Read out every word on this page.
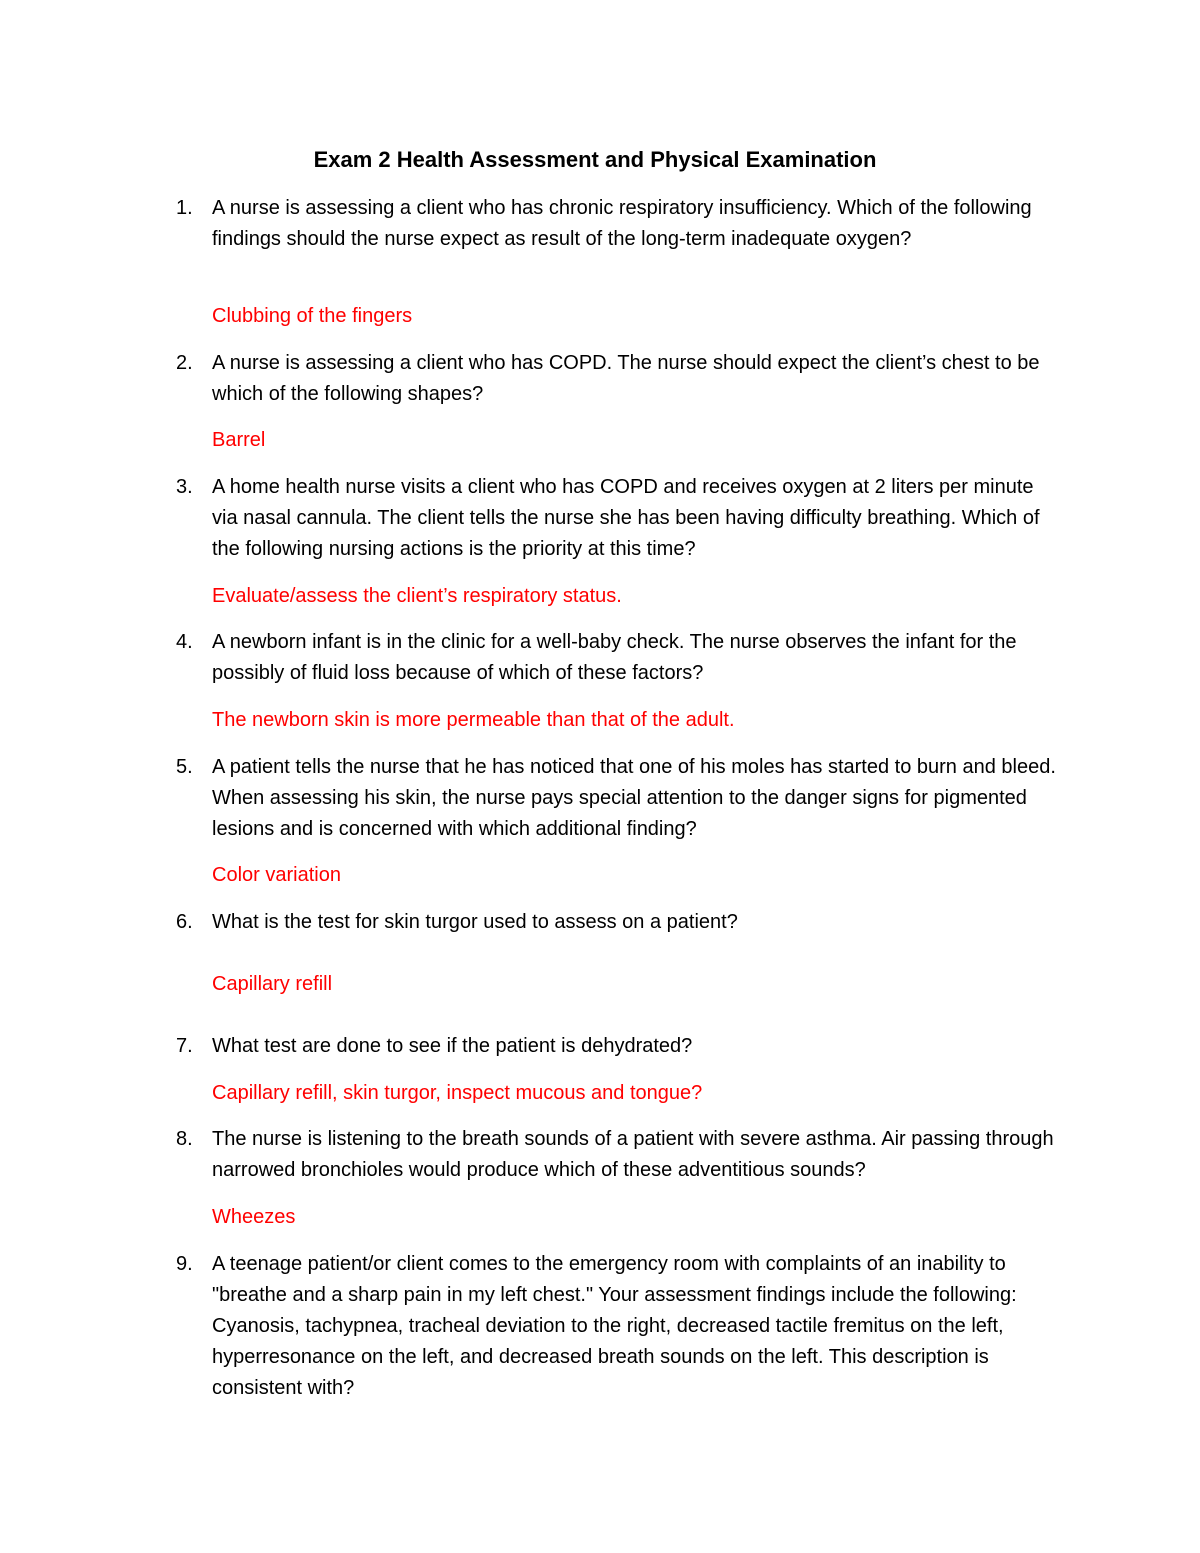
Exam 2 Health Assessment and Physical Examination
1. A nurse is assessing a client who has chronic respiratory insufficiency. Which of the following findings should the nurse expect as result of the long-term inadequate oxygen?

Clubbing of the fingers

2. A nurse is assessing a client who has COPD. The nurse should expect the client’s chest to be which of the following shapes?

Barrel

3. A home health nurse visits a client who has COPD and receives oxygen at 2 liters per minute via nasal cannula. The client tells the nurse she has been having difficulty breathing. Which of the following nursing actions is the priority at this time?

Evaluate/assess the client’s respiratory status.

4. A newborn infant is in the clinic for a well-baby check. The nurse observes the infant for the possibly of fluid loss because of which of these factors?

The newborn skin is more permeable than that of the adult.

5. A patient tells the nurse that he has noticed that one of his moles has started to burn and bleed. When assessing his skin, the nurse pays special attention to the danger signs for pigmented lesions and is concerned with which additional finding?

Color variation

6. What is the test for skin turgor used to assess on a patient?

Capillary refill

7. What test are done to see if the patient is dehydrated?

Capillary refill, skin turgor, inspect mucous and tongue?

8. The nurse is listening to the breath sounds of a patient with severe asthma. Air passing through narrowed bronchioles would produce which of these adventitious sounds?

Wheezes

9. A teenage patient/or client comes to the emergency room with complaints of an inability to "breathe and a sharp pain in my left chest." Your assessment findings include the following: Cyanosis, tachypnea, tracheal deviation to the right, decreased tactile fremitus on the left, hyperresonance on the left, and decreased breath sounds on the left. This description is consistent with?
